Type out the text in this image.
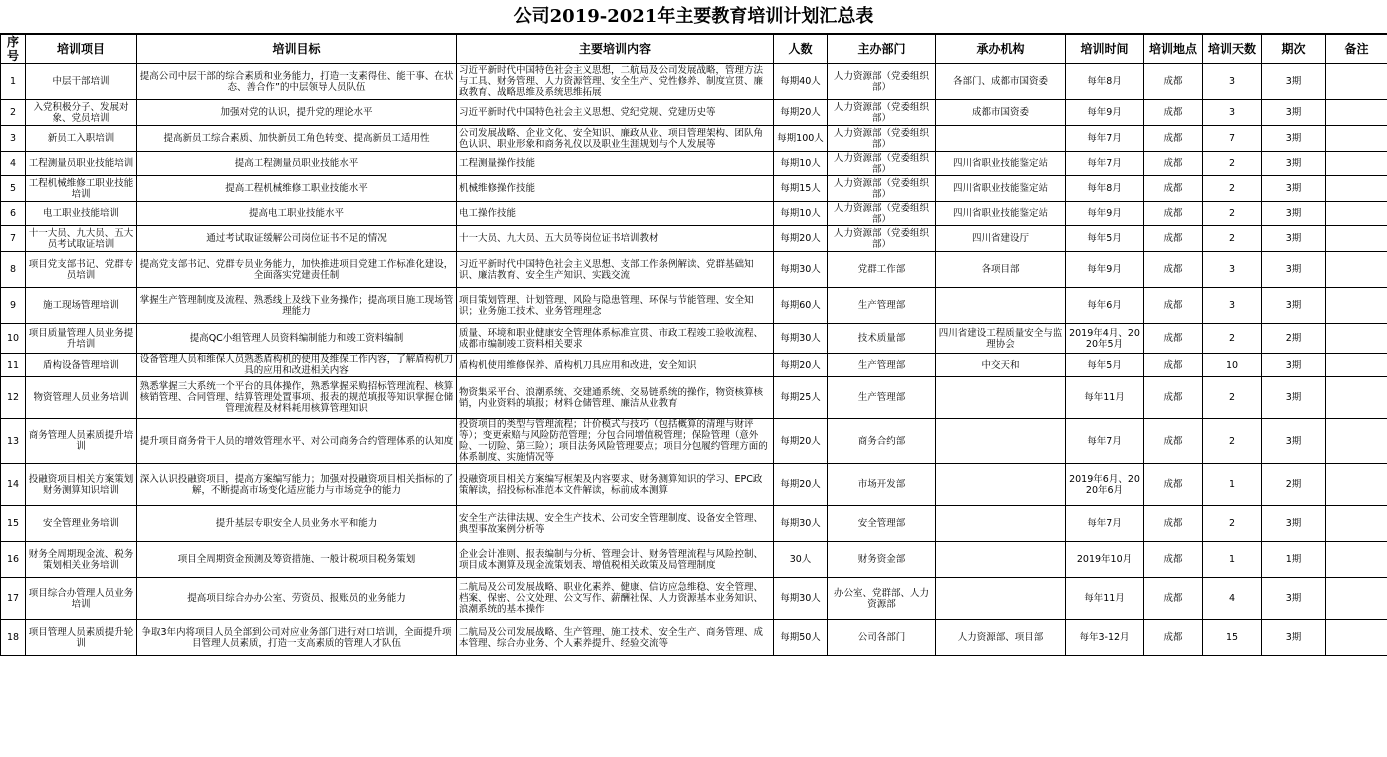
公司2019-2021年主要教育培训计划汇总表
序号	培训项目	培训目标	主要培训内容	人数	主办部门	承办机构	培训时间	培训地点	培训天数	期次	备注
1	中层干部培训	提高公司中层干部的综合素质和业务能力，打造一支素得住、能干事、在状态、善合作”的中层领导人员队伍	习近平新时代中国特色社会主义思想，二航局及公司发展战略，管理方法与工具、财务管理、人力资源管理、安全生产、党性修养、制度宣贯、廉政教育、战略思维及系统思维拓展	每期40人	人力资源部（党委组织部）	各部门、成都市国资委	每年8月	成都	3	3期	
2	入党积极分子、发展对象、党员培训	加强对党的认识，提升党的理论水平	习近平新时代中国特色社会主义思想、党纪党规、党建历史等	每期20人	人力资源部（党委组织部）	成都市国资委	每年9月	成都	3	3期	
3	新员工入职培训	提高新员工综合素质、加快新员工角色转变、提高新员工适用性	公司发展战略、企业文化、安全知识、廉政从业、项目管理架构、团队角色认识、职业形象和商务礼仪以及职业生涯规划与个人发展等	每期100人	人力资源部（党委组织部）		每年7月	成都	7	3期	
4	工程测量员职业技能培训	提高工程测量员职业技能水平	工程测量操作技能	每期10人	人力资源部（党委组织部）	四川省职业技能鉴定站	每年7月	成都	2	3期	
5	工程机械维修工职业技能培训	提高工程机械维修工职业技能水平	机械维修操作技能	每期15人	人力资源部（党委组织部）	四川省职业技能鉴定站	每年8月	成都	2	3期	
6	电工职业技能培训	提高电工职业技能水平	电工操作技能	每期10人	人力资源部（党委组织部）	四川省职业技能鉴定站	每年9月	成都	2	3期	
7	十一大员、九大员、五大员考试取证培训	通过考试取证缓解公司岗位证书不足的情况	十一大员、九大员、五大员等岗位证书培训教材	每期20人	人力资源部（党委组织部）	四川省建设厅	每年5月	成都	2	3期	
8	项目党支部书记、党群专员培训	提高党支部书记、党群专员业务能力，加快推进项目党建工作标准化建设，全面落实党建责任制	习近平新时代中国特色社会主义思想、支部工作条例解读、党群基础知识、廉洁教育、安全生产知识、实践交流	每期30人	党群工作部	各项目部	每年9月	成都	3	3期	
9	施工现场管理培训	掌握生产管理制度及流程、熟悉线上及线下业务操作；提高项目施工现场管理能力	项目策划管理、计划管理、风险与隐患管理、环保与节能管理、安全知识；业务施工技术、业务管理理念	每期60人	生产管理部		每年6月	成都	3	3期	
10	项目质量管理人员业务提升培训	提高QC小组管理人员资料编制能力和竣工资料编制	质量、环境和职业健康安全管理体系标准宣贯、市政工程竣工验收流程、成都市编制竣工资料相关要求	每期30人	技术质量部	四川省建设工程质量安全与监理协会	2019年4月、2020年5月	成都	2	2期	
11	盾构设备管理培训	设备管理人员和维保人员熟悉盾构机的使用及维保工作内容，了解盾构机刀具的应用和改进相关内容	盾构机使用维修保养、盾构机刀具应用和改进，安全知识	每期20人	生产管理部	中交天和	每年5月	成都	10	3期	
12	物资管理人员业务培训	熟悉掌握三大系统一个平台的具体操作，熟悉掌握采购招标管理流程、核算核销管理、合同管理、结算管理处置事项、报表的规范填报等知识掌握仓储管理流程及材料耗用核算管理知识	物资集采平台、浪潮系统、交建通系统、交易链系统的操作，物资核算核销，内业资料的填报；材料仓储管理、廉洁从业教育	每期25人	生产管理部		每年11月	成都	2	3期	
13	商务管理人员素质提升培训	提升项目商务骨干人员的增效管理水平、对公司商务合约管理体系的认知度	投资项目的类型与管理流程；计价模式与技巧（包括概算的清理与财评等）；变更索赔与风险防范管理；分包合同增值税管理；保险管理（意外险、一切险、第三险）；项目法务风险管理要点；项目分包履约管理方面的体系制度、实施情况等	每期20人	商务合约部		每年7月	成都	2	3期	
14	投融资项目相关方案策划财务测算知识培训	深入认识投融资项目，提高方案编写能力；加强对投融资项目相关指标的了解，不断提高市场变化适应能力与市场竞争的能力	投融资项目相关方案编写框架及内容要求、财务测算知识的学习、EPC政策解读，招投标标准范本文件解读，标前成本测算	每期20人	市场开发部		2019年6月、2020年6月	成都	1	2期	
15	安全管理业务培训	提升基层专职安全人员业务水平和能力	安全生产法律法规、安全生产技术、公司安全管理制度、设备安全管理、典型事故案例分析等	每期30人	安全管理部		每年7月	成都	2	3期	
16	财务全周期现金流、税务策划相关业务培训	项目全周期资金预测及筹资措施、一般计税项目税务策划	企业会计准则、报表编制与分析、管理会计、财务管理流程与风险控制、项目成本测算及现金流策划表、增值税相关政策及局管理制度	30人	财务资金部		2019年10月	成都	1	1期	
17	项目综合办管理人员业务培训	提高项目综合办办公室、劳资员、报账员的业务能力	二航局及公司发展战略、职业化素养、健康、信访应急维稳、安全管理、档案、保密、公文处理、公文写作、薪酬社保、人力资源基本业务知识、浪潮系统的基本操作	每期30人	办公室、党群部、人力资源部		每年11月	成都	4	3期	
18	项目管理人员素质提升轮训	争取3年内将项目人员全部到公司对应业务部门进行对口培训，全面提升项目管理人员素质，打造一支高素质的管理人才队伍	二航局及公司发展战略、生产管理、施工技术、安全生产、商务管理、成本管理、综合办业务、个人素养提升、经验交流等	每期50人	公司各部门	人力资源部、项目部	每年3-12月	成都	15	3期	
